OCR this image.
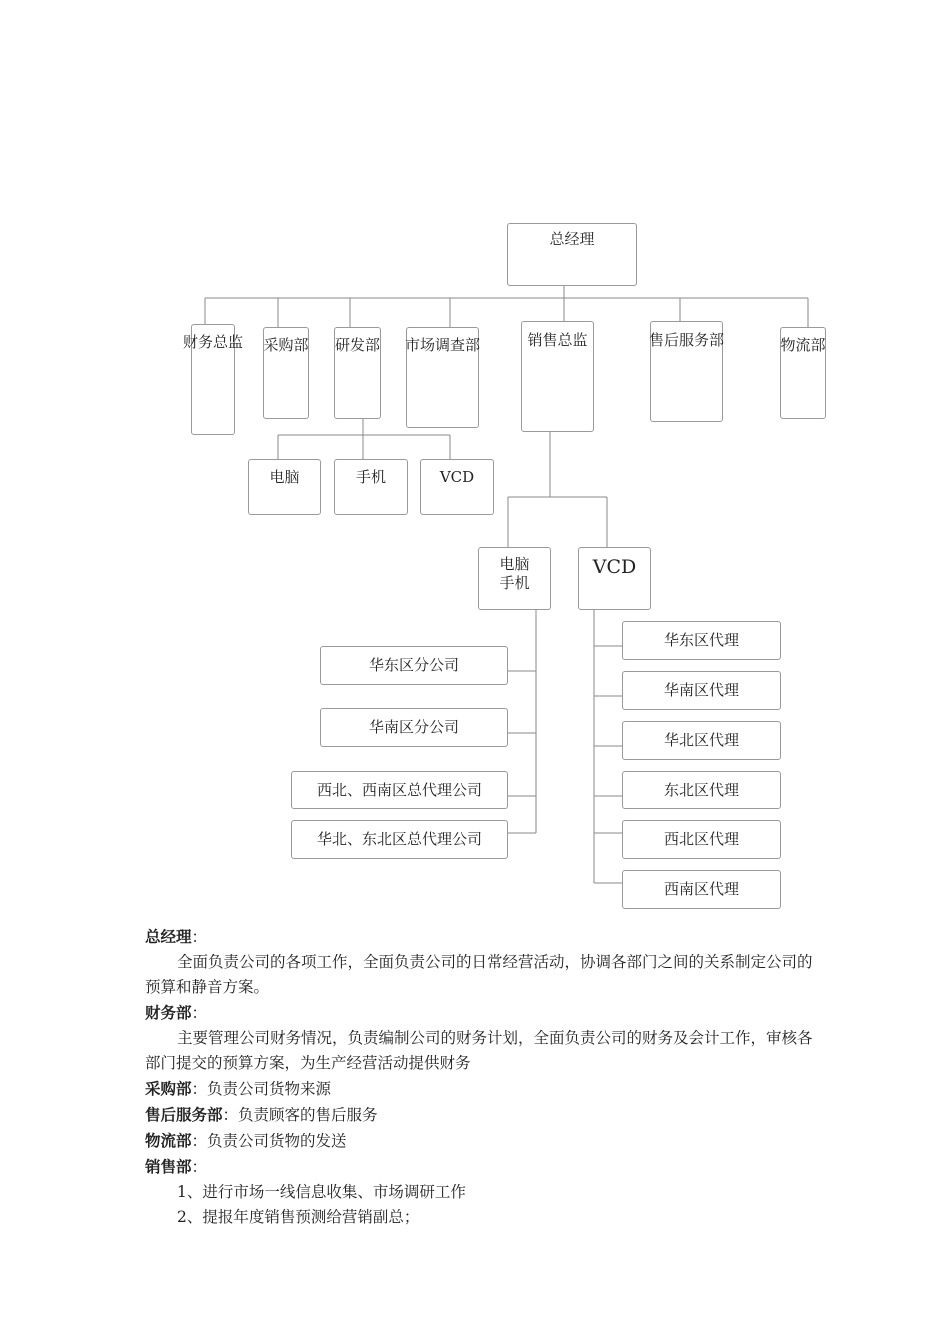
总经理
财务总监	采购部	研发部	市场调查部	销售总监	售后服务部	物流部
电脑	手机	VCD
电脑
手机
VCD
华东区分公司
华南区分公司
西北、西南区总代理公司
华北、东北区总代理公司
华东区代理
华南区代理
华北区代理
东北区代理
西北区代理
西南区代理

总经理：

全面负责公司的各项工作，全面负责公司的日常经营活动，协调各部门之间的关系制定公司的预算和静音方案。

财务部：

主要管理公司财务情况，负责编制公司的财务计划，全面负责公司的财务及会计工作，审核各部门提交的预算方案，为生产经营活动提供财务

采购部：负责公司货物来源

售后服务部：负责顾客的售后服务

物流部：负责公司货物的发送

销售部：

1、进行市场一线信息收集、市场调研工作

2、提报年度销售预测给营销副总；
